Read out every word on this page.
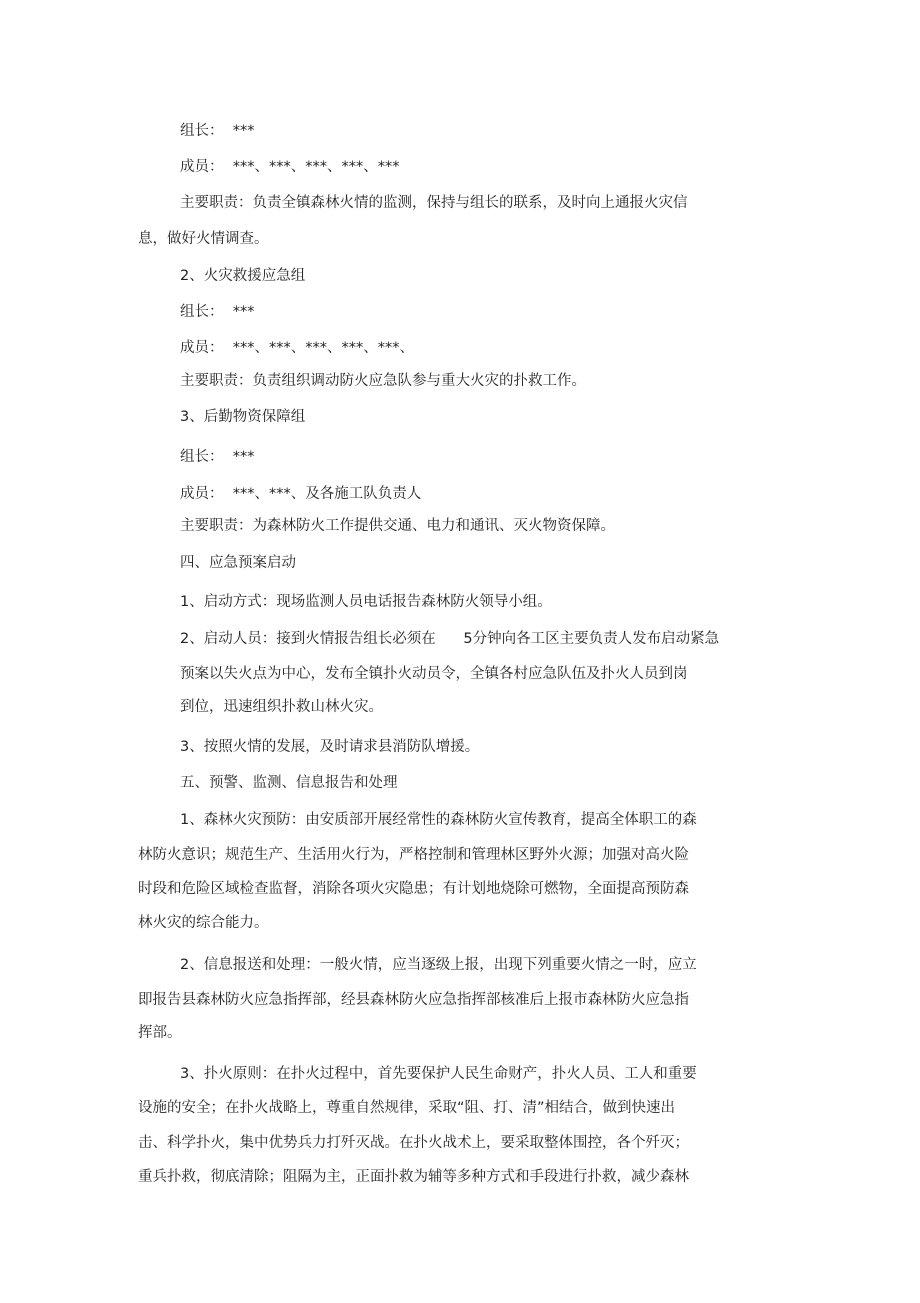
组长：  ***
成员：  ***、***、***、***、***
主要职责：负责全镇森林火情的监测，保持与组长的联系，及时向上通报火灾信
息，做好火情调查。
2、火灾救援应急组
组长：  ***
成员：  ***、***、***、***、***、
主要职责：负责组织调动防火应急队参与重大火灾的扑救工作。
3、后勤物资保障组
组长：  ***
成员：  ***、***、及各施工队负责人
主要职责：为森林防火工作提供交通、电力和通讯、灭火物资保障。
四、应急预案启动
1、启动方式：现场监测人员电话报告森林防火领导小组。
2、启动人员：接到火情报告组长必须在      5分钟向各工区主要负责人发布启动紧急
预案以失火点为中心，发布全镇扑火动员令，全镇各村应急队伍及扑火人员到岗
到位，迅速组织扑救山林火灾。
3、按照火情的发展，及时请求县消防队增援。
五、预警、监测、信息报告和处理
1、森林火灾预防：由安质部开展经常性的森林防火宣传教育，提高全体职工的森
林防火意识；规范生产、生活用火行为，严格控制和管理林区野外火源；加强对高火险
时段和危险区域检查监督，消除各项火灾隐患；有计划地烧除可燃物，全面提高预防森
林火灾的综合能力。
2、信息报送和处理：一般火情，应当逐级上报，出现下列重要火情之一时，应立
即报告县森林防火应急指挥部，经县森林防火应急指挥部核准后上报市森林防火应急指
挥部。
3、扑火原则：在扑火过程中，首先要保护人民生命财产，扑火人员、工人和重要
设施的安全；在扑火战略上，尊重自然规律，采取“阻、打、清”相结合，做到快速出
击、科学扑火，集中优势兵力打歼灭战。在扑火战术上，要采取整体围控，各个歼灭；
重兵扑救，彻底清除；阻隔为主，正面扑救为辅等多种方式和手段进行扑救，减少森林
